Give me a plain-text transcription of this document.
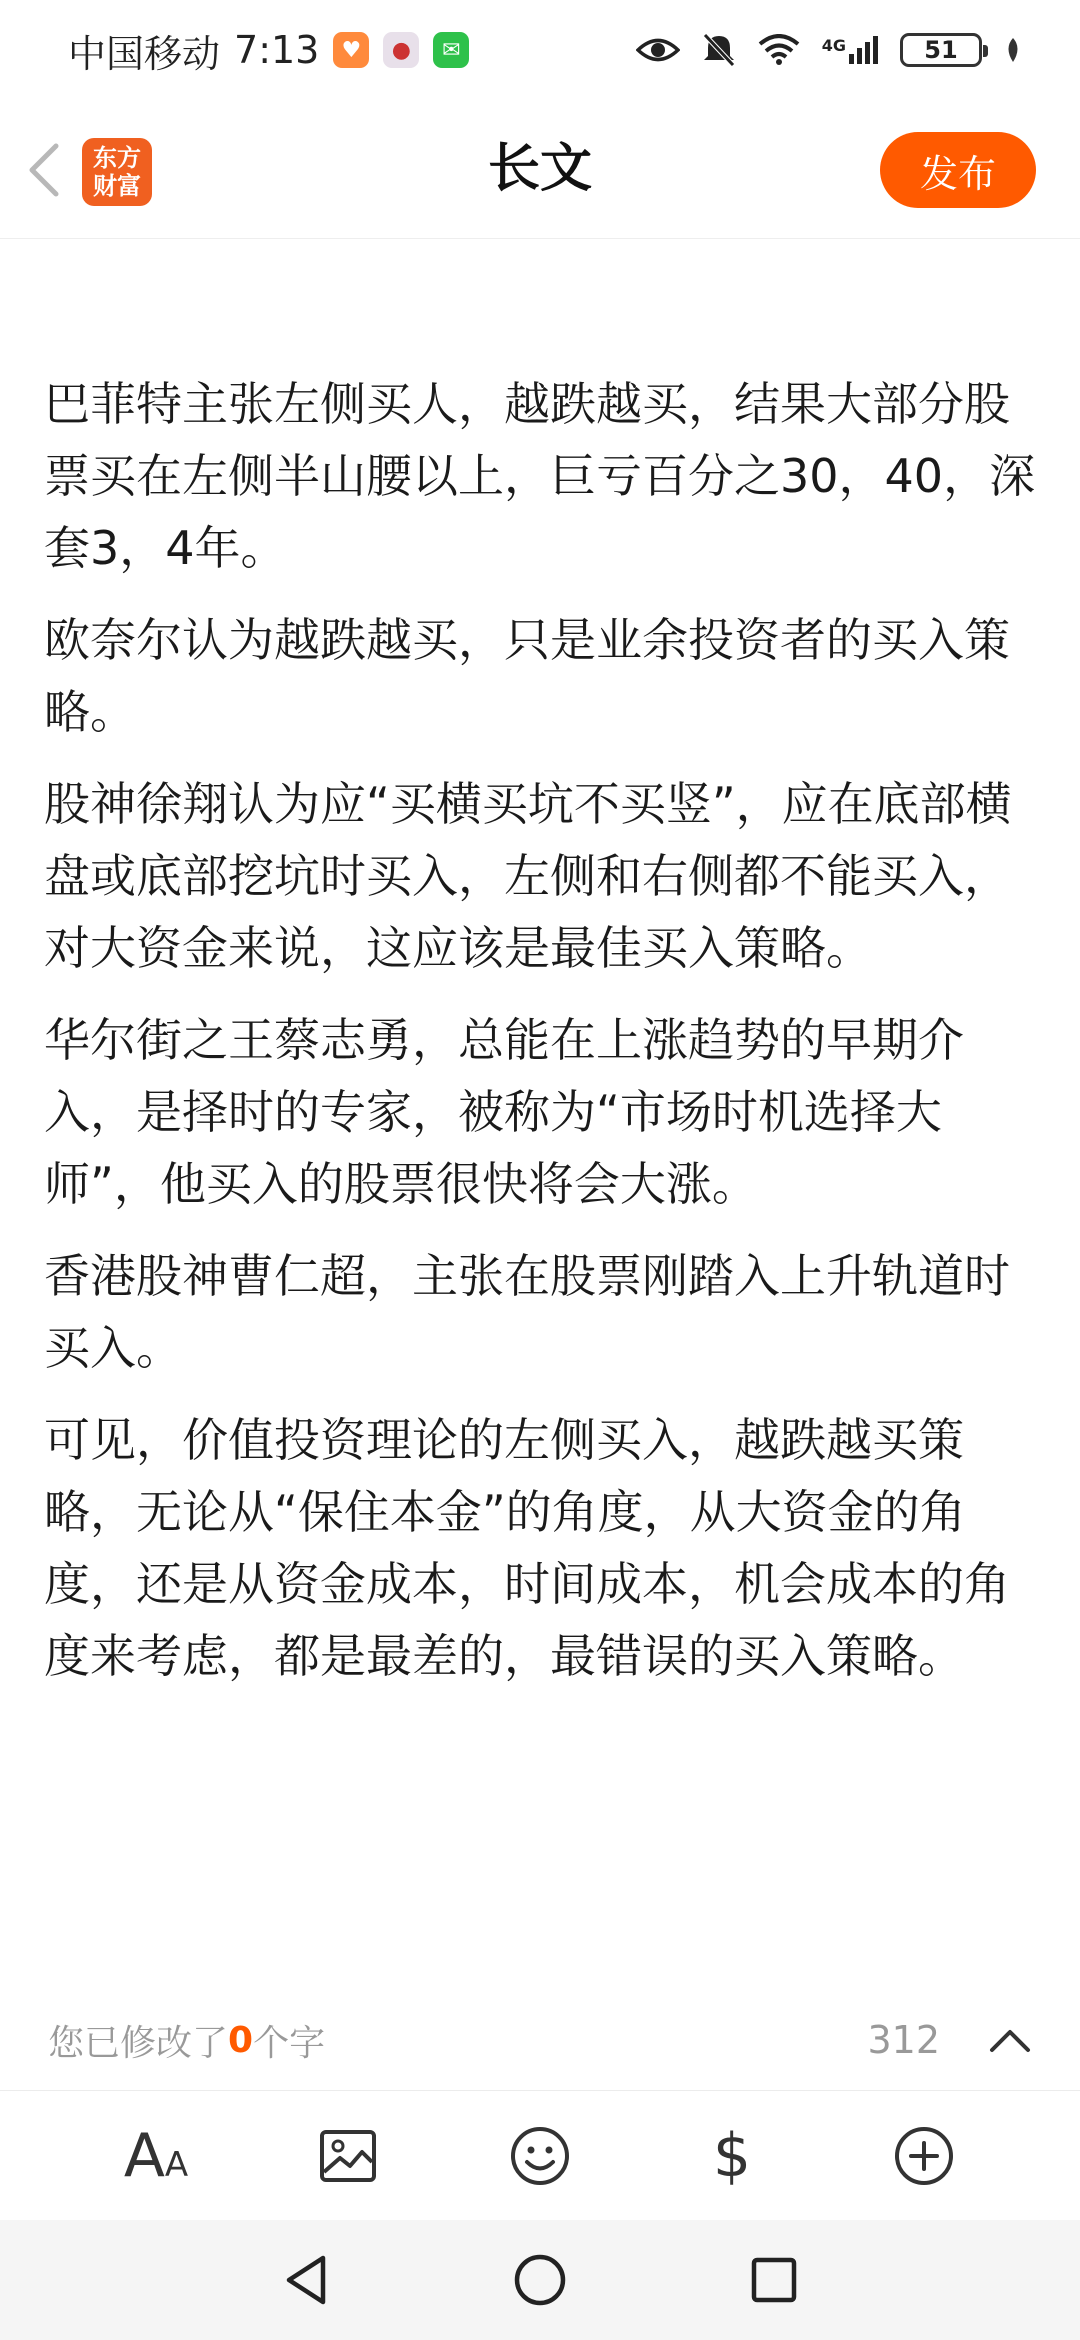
中国移动 7:13	♥	●	✉	4G	51
东方
财富	长文	发布

巴菲特主张左侧买人，越跌越买，结果大部分股票买在左侧半山腰以上，巨亏百分之30，40，深套3，4年。

欧奈尔认为越跌越买，只是业余投资者的买入策略。

股神徐翔认为应“买横买坑不买竖”，应在底部横盘或底部挖坑时买入，左侧和右侧都不能买入，对大资金来说，这应该是最佳买入策略。

华尔街之王蔡志勇，总能在上涨趋势的早期介入，是择时的专家，被称为“市场时机选择大师”，他买入的股票很快将会大涨。

香港股神曹仁超，主张在股票刚踏入上升轨道时买入。

可见，价值投资理论的左侧买入，越跌越买策略，无论从“保住本金”的角度，从大资金的角度，还是从资金成本，时间成本，机会成本的角度来考虑，都是最差的，最错误的买入策略。

您已修改了 0 个字	312
A A	$
